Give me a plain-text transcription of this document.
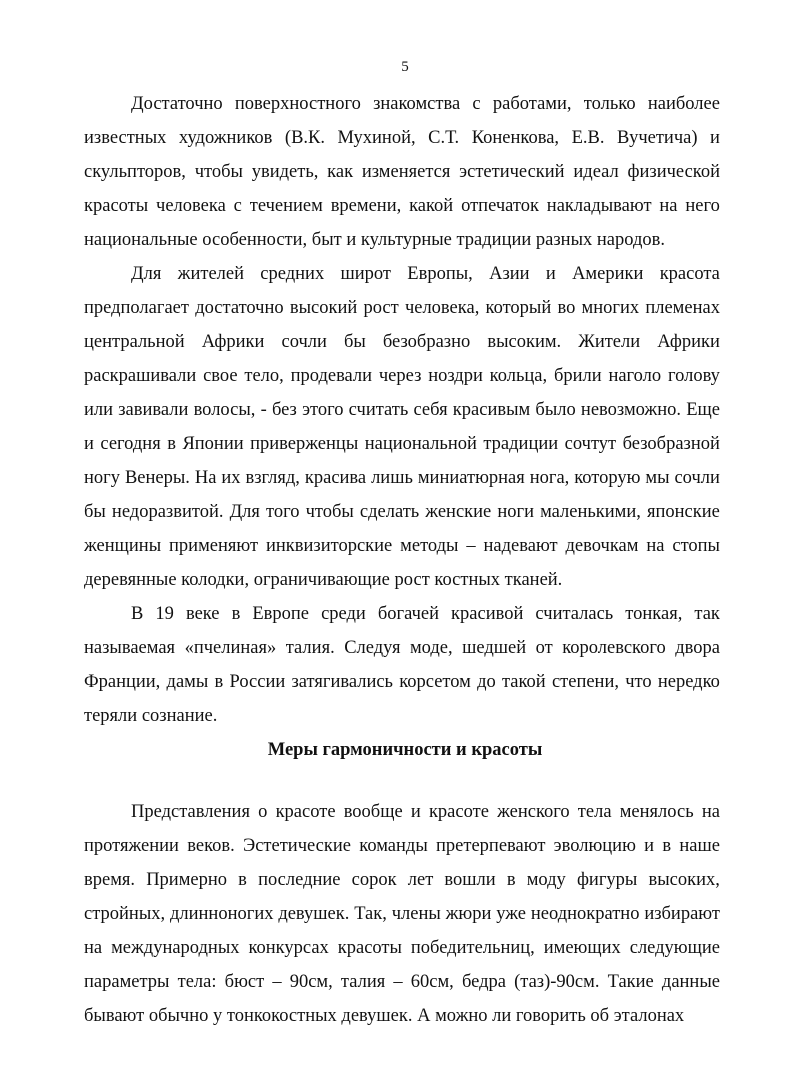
5
Достаточно поверхностного знакомства с работами, только наиболее
известных художников (В.К. Мухиной, С.Т. Коненкова, Е.В. Вучетича) и
скульпторов, чтобы увидеть, как изменяется эстетический идеал физической
красоты человека с течением времени, какой отпечаток накладывают на него
национальные особенности, быт и культурные традиции разных народов.
Для жителей средних широт Европы, Азии и Америки красота
предполагает достаточно высокий рост человека, который во многих племенах
центральной Африки сочли бы безобразно высоким. Жители Африки
раскрашивали свое тело, продевали через ноздри кольца, брили наголо голову
или завивали волосы, - без этого считать себя красивым было невозможно. Еще
и сегодня в Японии приверженцы национальной традиции сочтут безобразной
ногу Венеры. На их взгляд, красива лишь миниатюрная нога, которую мы сочли
бы недоразвитой. Для того чтобы сделать женские ноги маленькими, японские
женщины применяют инквизиторские методы – надевают девочкам на стопы
деревянные колодки, ограничивающие рост костных тканей.
В 19 веке в Европе среди богачей красивой считалась тонкая, так
называемая «пчелиная» талия. Следуя моде, шедшей от королевского двора
Франции, дамы в России затягивались корсетом до такой степени, что нередко
теряли сознание.
Меры гармоничности и красоты
Представления о красоте вообще и красоте женского тела менялось на
протяжении веков. Эстетические команды претерпевают эволюцию и в наше
время. Примерно в последние сорок лет вошли в моду фигуры высоких,
стройных, длинноногих девушек. Так, члены жюри уже неоднократно избирают
на международных конкурсах красоты победительниц, имеющих следующие
параметры тела: бюст – 90см, талия – 60см, бедра (таз)-90см. Такие данные
бывают обычно у тонкокостных девушек. А можно ли говорить об эталонах
